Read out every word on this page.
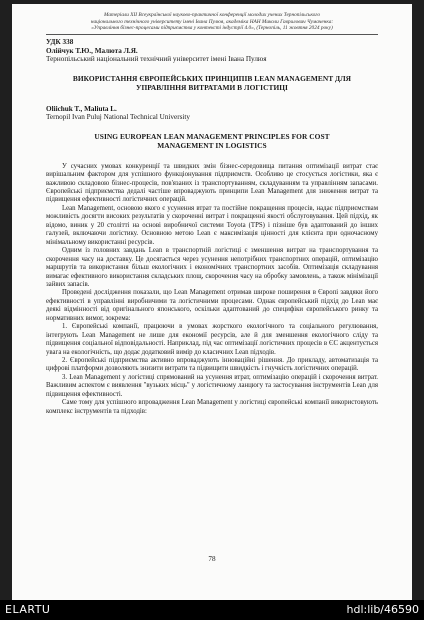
Матеріали XII Всеукраїнської науково-практичної конференції молодих учених Тернопільського
національного технічного університету імені Івана Пулюя, академіка НАН Миколи Гаврилович Чумаченка:
«Управління бізнес-процесами підприємства у контексті індустрії 4.0», (Тернопіль, 11 жовтня 2024 року)
УДК 338
Олійчук Т.Ю., Малюта Л.Я.
Тернопільський національний технічний університет імені Івана Пулюя
ВИКОРИСТАННЯ ЄВРОПЕЙСЬКИХ ПРИНЦИПІВ LEAN MANAGEMENT ДЛЯ
УПРАВЛІННЯ ВИТРАТАМИ В ЛОГІСТИЦІ
Oliichuk T., Maliuta L.
Ternopil Ivan Puluj National Technical University
USING EUROPEAN LEAN MANAGEMENT PRINCIPLES FOR COST
MANAGEMENT IN LOGISTICS

У сучасних умовах конкуренції та швидких змін бізнес-середовища питання оптимізації витрат стає вирішальним фактором для успішного функціонування підприємств. Особливо це стосується логістики, яка є важливою складовою бізнес-процесів, пов'язаних із транспортуванням, складуванням та управлінням запасами. Європейські підприємства дедалі частіше впроваджують принципи Lean Management для зниження витрат та підвищення ефективності логістичних операцій.

Lean Management, основою якого є усунення втрат та постійне покращення процесів, надає підприємствам можливість досягти високих результатів у скороченні витрат і покращенні якості обслуговування. Цей підхід, як відомо, виник у 20 столітті на основі виробничої системи Toyota (TPS) і пізніше був адаптований до інших галузей, включаючи логістику. Основною метою Lean є максимізація цінності для клієнта при одночасному мінімальному використанні ресурсів.

Одним із головних завдань Lean в транспортній логістиці є зменшення витрат на транспортування та скорочення часу на доставку. Це досягається через усунення непотрібних транспортних операцій, оптимізацію маршрутів та використання більш екологічних і економічних транспортних засобів. Оптимізація складування вимагає ефективного використання складських площ, скорочення часу на обробку замовлень, а також мінімізації зайвих запасів.

Проведені дослідження показали, що Lean Management отримав широке поширення в Європі завдяки його ефективності в управлінні виробничими та логістичними процесами. Однак європейський підхід до Lean має деякі відмінності від оригінального японського, оскільки адаптований до специфіки європейського ринку та нормативних вимог, зокрема:

1. Європейські компанії, працюючи в умовах жорсткого екологічного та соціального регулювання, інтегрують Lean Management не лише для економії ресурсів, але й для зменшення екологічного сліду та підвищення соціальної відповідальності. Наприклад, під час оптимізації логістичних процесів в ЄС акцентується увага на екологічність, що додає додатковий вимір до класичних Lean підходів.

2. Європейські підприємства активно впроваджують інноваційні рішення. До прикладу, автоматизація та цифрові платформи дозволяють знизити витрати та підвищити швидкість і гнучкість логістичних операцій.

3. Lean Management у логістиці спрямований на усунення втрат, оптимізацію операцій і скорочення витрат. Важливим аспектом є виявлення "вузьких місць" у логістичному ланцюгу та застосування інструментів Lean для підвищення ефективності.

Саме тому для успішного впровадження Lean Management у логістиці європейські компанії використовують комплекс інструментів та підходів:

78
ELARTU	hdl:lib/46590
